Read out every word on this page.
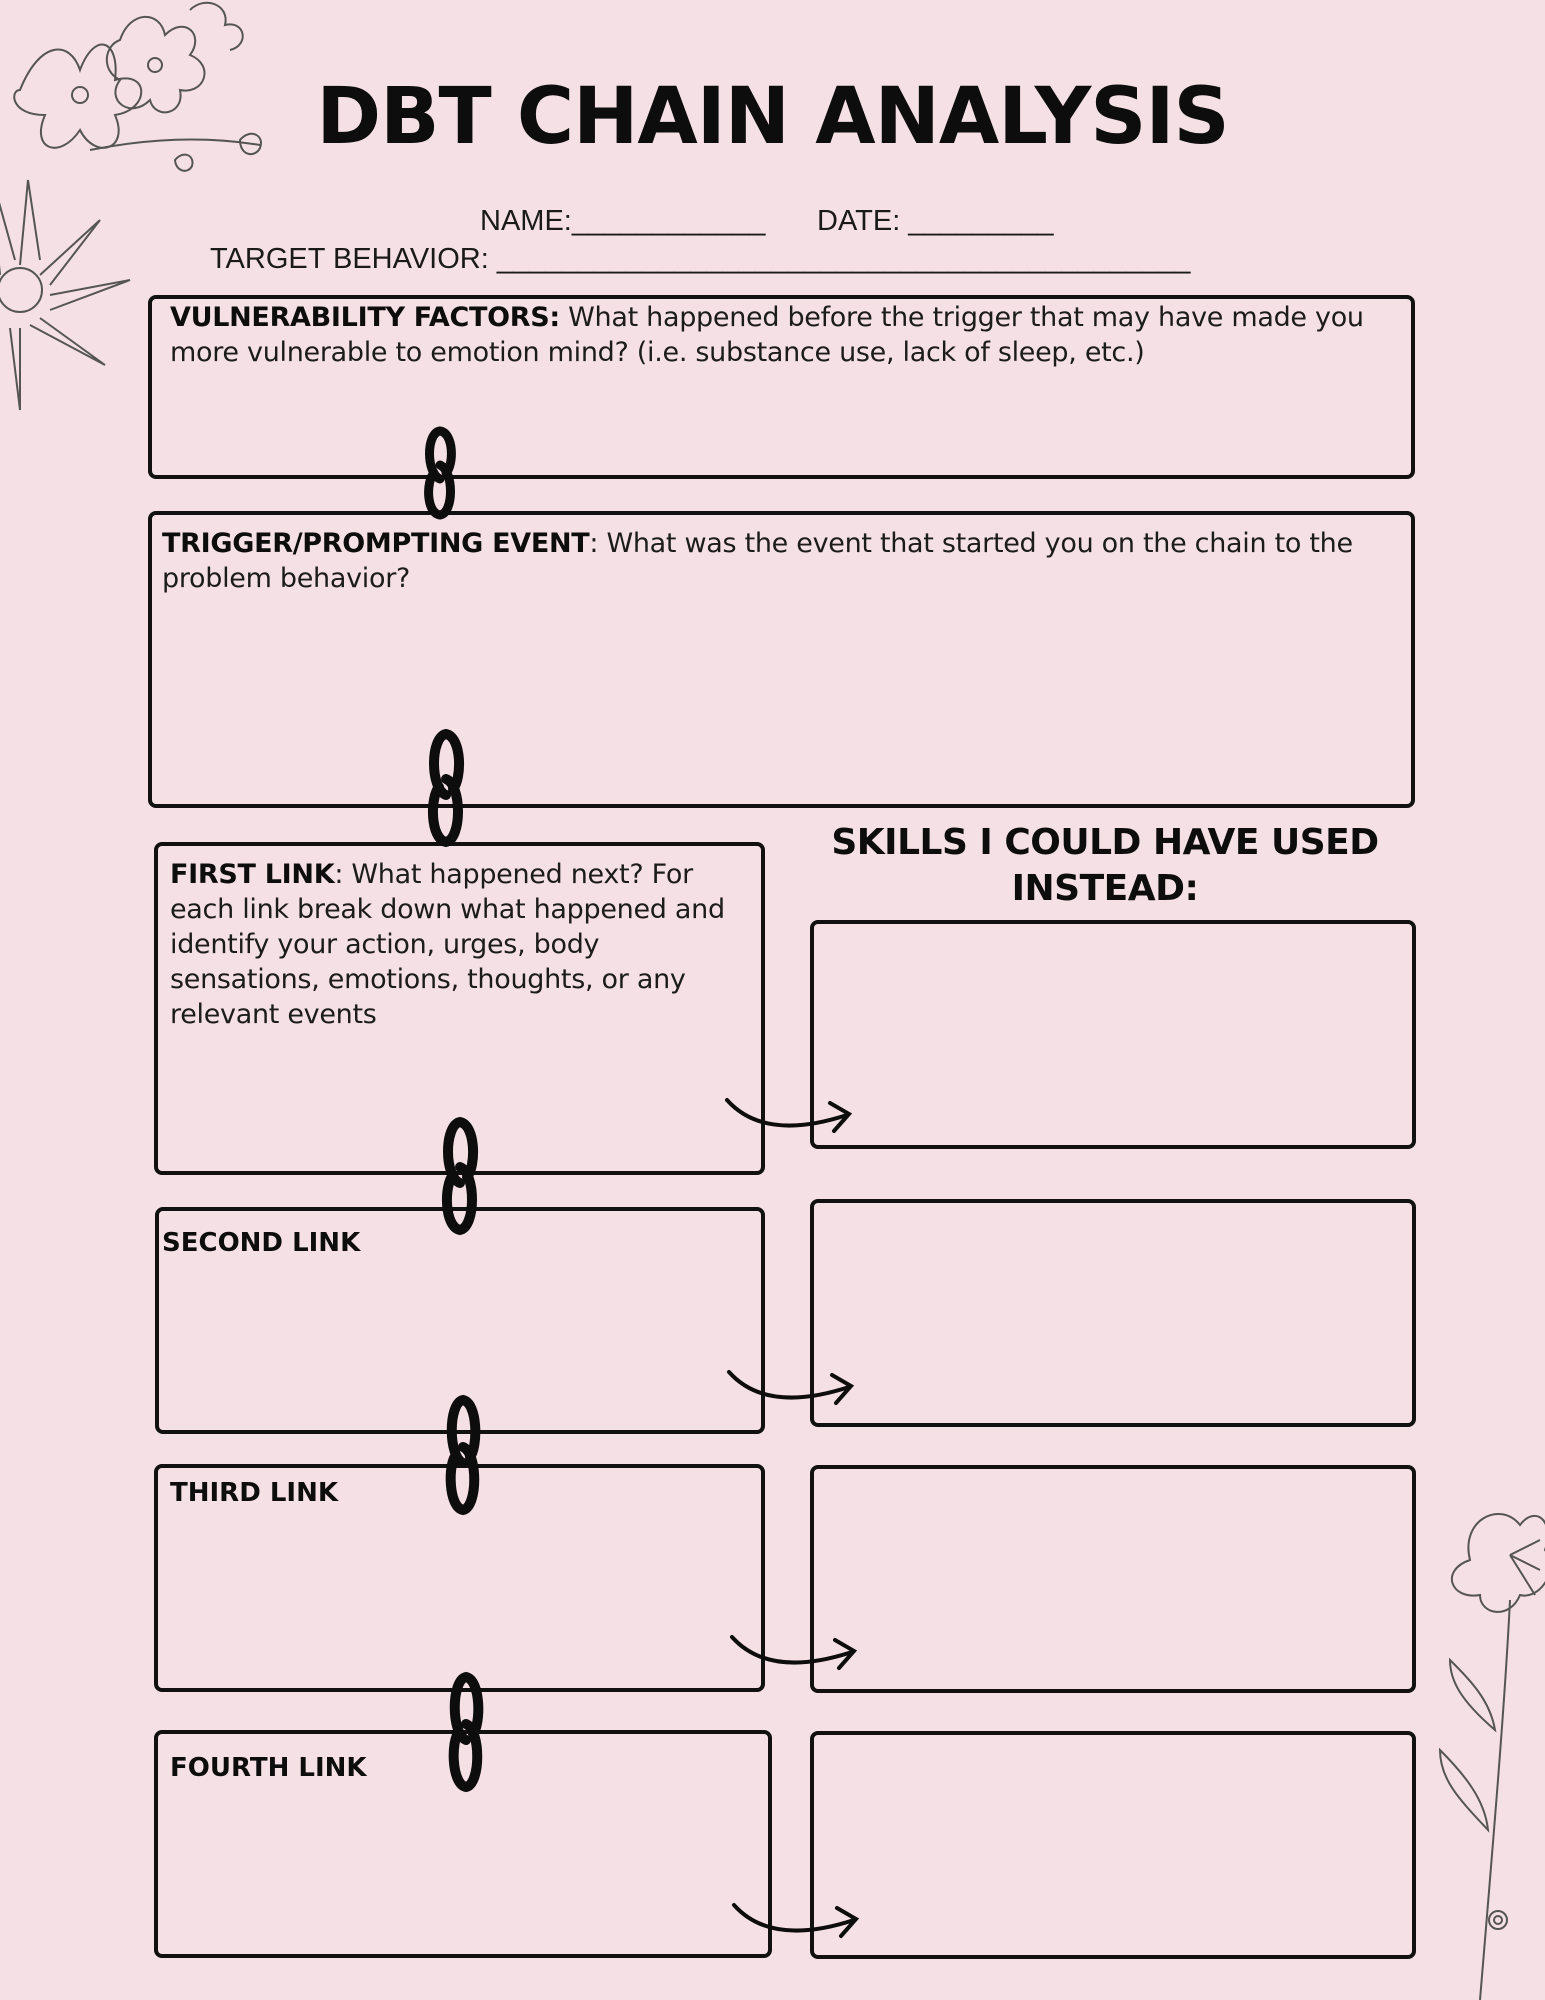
DBT CHAIN ANALYSIS
NAME:____________ DATE: _________
TARGET BEHAVIOR: ___________________________________________
VULNERABILITY FACTORS: What happened before the trigger that may have made you more vulnerable to emotion mind? (i.e. substance use, lack of sleep, etc.)
TRIGGER/PROMPTING EVENT: What was the event that started you on the chain to the problem behavior?
FIRST LINK: What happened next? For each link break down what happened and identify your action, urges, body sensations, emotions, thoughts, or any relevant events
SKILLS I COULD HAVE USED
INSTEAD:
SECOND LINK
THIRD LINK
FOURTH LINK
